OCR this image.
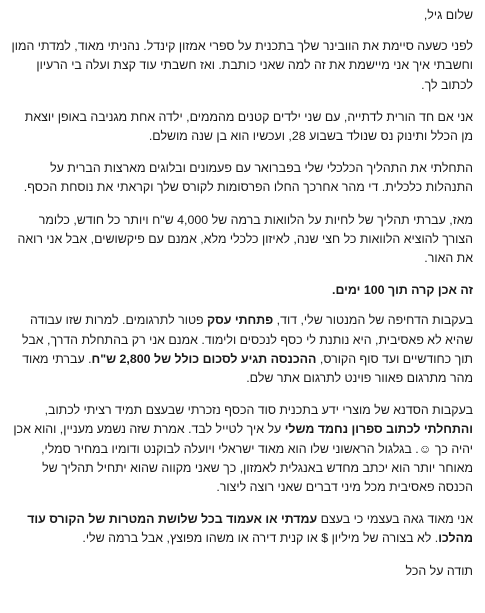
שלום גיל,

לפני כשעה סיימת את הוובינר שלך בתכנית על ספרי אמזון קינדל. נהניתי מאוד, למדתי המון וחשבתי איך אני מיישמת את זה למה שאני כותבת. ואז חשבתי עוד קצת ועלה בי הרעיון לכתוב לך.

אני אם חד הורית לדתייה, עם שני ילדים קטנים מהממים, ילדה אחת מגניבה באופן יוצאת מן הכלל ותינוק נס שנולד בשבוע 28, ועכשיו הוא בן שנה מושלם.

התחלתי את התהליך הכלכלי שלי בפברואר עם פעמונים ובלוגים מארצות הברית על התנהלות כלכלית. די מהר אחרכך החלו הפרסומות לקורס שלך וקראתי את נוסחת הכסף.

מאז, עברתי תהליך של לחיות על הלוואות ברמה של 4,000 ש"ח ויותר כל חודש, כלומר הצורך להוציא הלוואות כל חצי שנה, לאיזון כלכלי מלא, אמנם עם פיקשושים, אבל אני רואה את האור.

זה אכן קרה תוך 100 ימים.

בעקבות הדחיפה של המנטור שלי, דוד, פתחתי עסק פטור לתרגומים. למרות שזו עבודה שהיא לא פאסיבית, היא נותנת לי כסף לנכסים ולימוד. אמנם אני רק בהתחלת הדרך, אבל תוך כחודשיים ועד סוף הקורס, ההכנסה תגיע לסכום כולל של 2,800 ש"ח. עברתי מאוד מהר מתרגום פאוור פוינט לתרגום אתר שלם.

בעקבות הסדנא של מוצרי ידע בתכנית סוד הכסף נזכרתי שבעצם תמיד רציתי לכתוב, והתחלתי לכתוב ספרון נחמד משלי על איך לטייל לבד. אמרת שזה נשמע מעניין, והוא אכן יהיה כך ☺. בגלגול הראשוני שלו הוא מאוד ישראלי ויועלה לבוקנט ודומיו במחיר סמלי, מאוחר יותר הוא יכתב מחדש באנגלית לאמזון, כך שאני מקווה שהוא יתחיל תהליך של הכנסה פאסיבית מכל מיני דברים שאני רוצה ליצור.

אני מאוד גאה בעצמי כי בעצם עמדתי או אעמוד בכל שלושת המטרות של הקורס עוד מהלכו. לא בצורה של מיליון $ או קנית דירה או משהו מפוצץ, אבל ברמה שלי.

תודה על הכל
